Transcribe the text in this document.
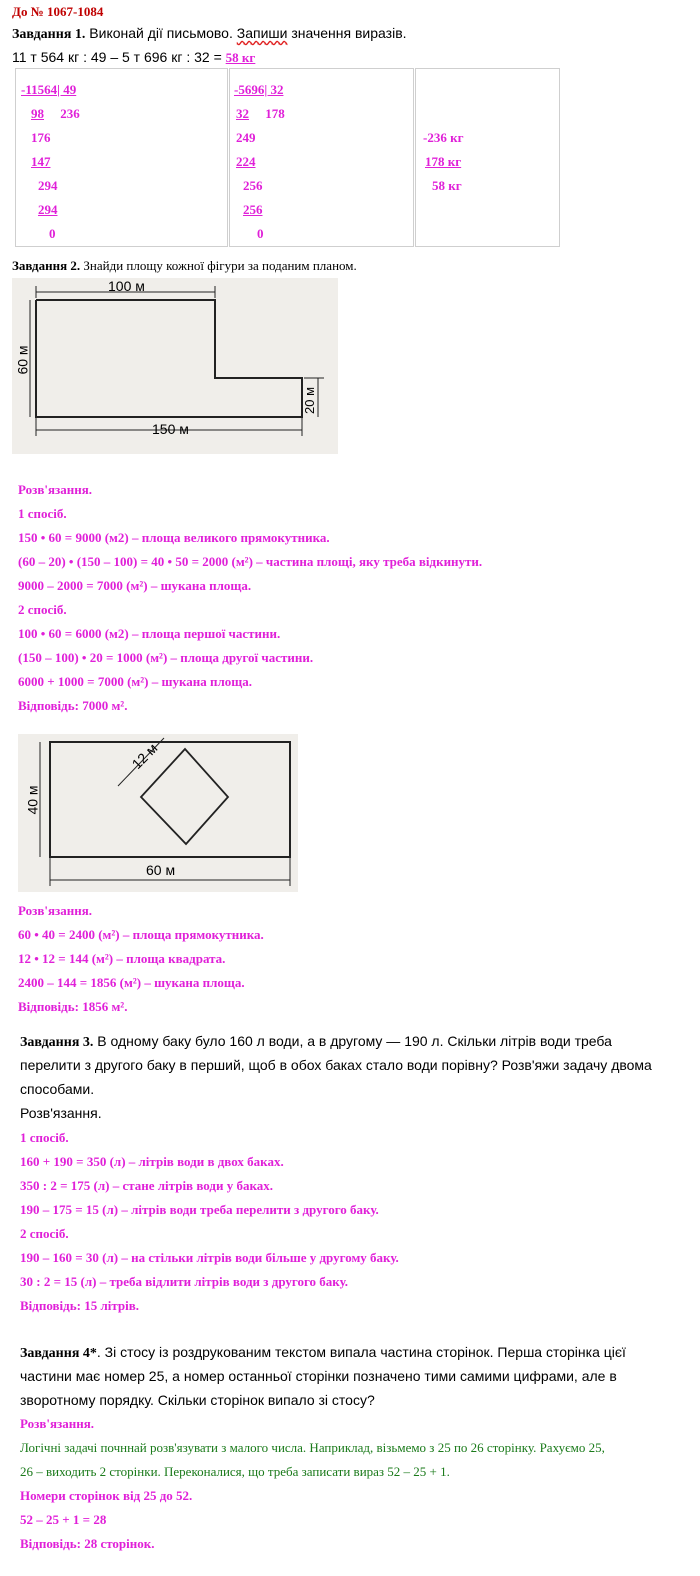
До № 1067-1084
Завдання 1. Виконай дії письмово. Запиши значення виразів.
11 т 564 кг : 49 – 5 т 696 кг : 32 = 58 кг
-11564| 49
98     236
176
147
294
294
0
-5696| 32
32     178
249
224
256
256
0
-236 кг
178 кг
58 кг
Завдання 2. Знайди площу кожної фігури за поданим планом.
100 м
60 м
20 м
150 м
Розв'язання.
1 спосіб.
150 • 60 = 9000 (м2) – площа великого прямокутника.
(60 – 20) • (150 – 100) = 40 • 50 = 2000 (м²) – частина площі, яку треба відкинути.
9000 – 2000 = 7000 (м²) – шукана площа.
2 спосіб.
100 • 60 = 6000 (м2) – площа першої частини.
(150 – 100) • 20 = 1000 (м²) – площа другої частини.
6000 + 1000 = 7000 (м²) – шукана площа.
Відповідь: 7000 м².
12 м
40 м
60 м
Розв'язання.
60 • 40 = 2400 (м²) – площа прямокутника.
12 • 12 = 144 (м²) – площа квадрата.
2400 – 144 = 1856 (м²) – шукана площа.
Відповідь: 1856 м².
Завдання 3. В одному баку було 160 л води, а в другому — 190 л. Скільки літрів води треба
перелити з другого баку в перший, щоб в обох баках стало води порівну? Розв'яжи задачу двома
способами.
Розв'язання.
1 спосіб.
160 + 190 = 350 (л) – літрів води в двох баках.
350 : 2 = 175 (л) – стане літрів води у баках.
190 – 175 = 15 (л) – літрів води треба перелити з другого баку.
2 спосіб.
190 – 160 = 30 (л) – на стільки літрів води більше у другому баку.
30 : 2 = 15 (л) – треба відлити літрів води з другого баку.
Відповідь: 15 літрів.
Завдання 4*. Зі стосу із роздрукованим текстом випала частина сторінок. Перша сторінка цієї
частини має номер 25, а номер останньої сторінки позначено тими самими цифрами, але в
зворотному порядку. Скільки сторінок випало зі стосу?
Розв'язання.
Логічні задачі почннай розв'язувати з малого числа. Наприклад, візьмемо з 25 по 26 сторінку. Рахуємо 25,
26 – виходить 2 сторінки. Переконалися, що треба записати вираз 52 – 25 + 1.
Номери сторінок від 25 до 52.
52 – 25 + 1 = 28
Відповідь: 28 сторінок.
